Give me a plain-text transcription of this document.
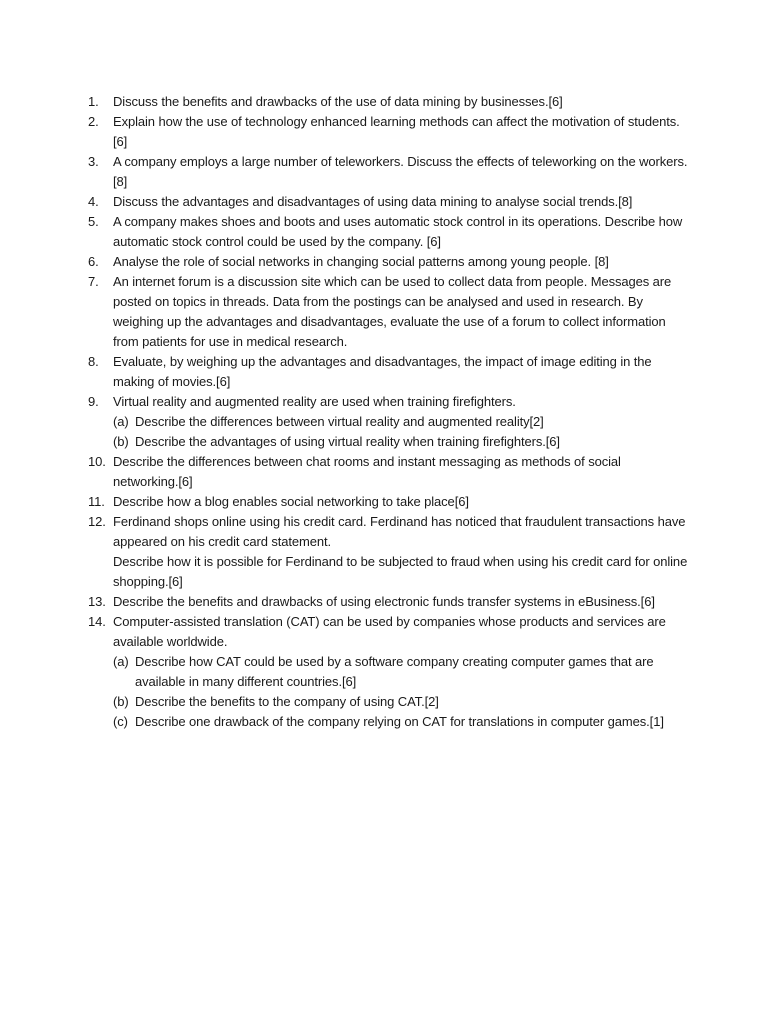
1.	Discuss the benefits and drawbacks of the use of data mining by businesses.[6]

2.	Explain how the use of technology enhanced learning methods can affect the motivation of students.[6]

3.	A company employs a large number of teleworkers. Discuss the effects of teleworking on the workers.[8]

4.	Discuss the advantages and disadvantages of using data mining to analyse social trends.[8]

5.	A company makes shoes and boots and uses automatic stock control in its operations. Describe how automatic stock control could be used by the company. [6]

6.	Analyse the role of social networks in changing social patterns among young people. [8]

7.	An internet forum is a discussion site which can be used to collect data from people. Messages are posted on topics in threads. Data from the postings can be analysed and used in research. By weighing up the advantages and disadvantages, evaluate the use of a forum to collect information from patients for use in medical research.

8.	Evaluate, by weighing up the advantages and disadvantages, the impact of image editing in the making of movies.[6]

9.	Virtual reality and augmented reality are used when training firefighters.

(a) Describe the differences between virtual reality and augmented reality[2]

(b) Describe the advantages of using virtual reality when training firefighters.[6]

10. Describe the differences between chat rooms and instant messaging as methods of social networking.[6]

11. Describe how a blog enables social networking to take place[6]

12. Ferdinand shops online using his credit card. Ferdinand has noticed that fraudulent transactions have appeared on his credit card statement.

Describe how it is possible for Ferdinand to be subjected to fraud when using his credit card for online shopping.[6]

13. Describe the benefits and drawbacks of using electronic funds transfer systems in eBusiness.[6]

14. Computer-assisted translation (CAT) can be used by companies whose products and services are available worldwide.

(a) Describe how CAT could be used by a software company creating computer games that are available in many different countries.[6]

(b) Describe the benefits to the company of using CAT.[2]

(c) Describe one drawback of the company relying on CAT for translations in computer games.[1]
